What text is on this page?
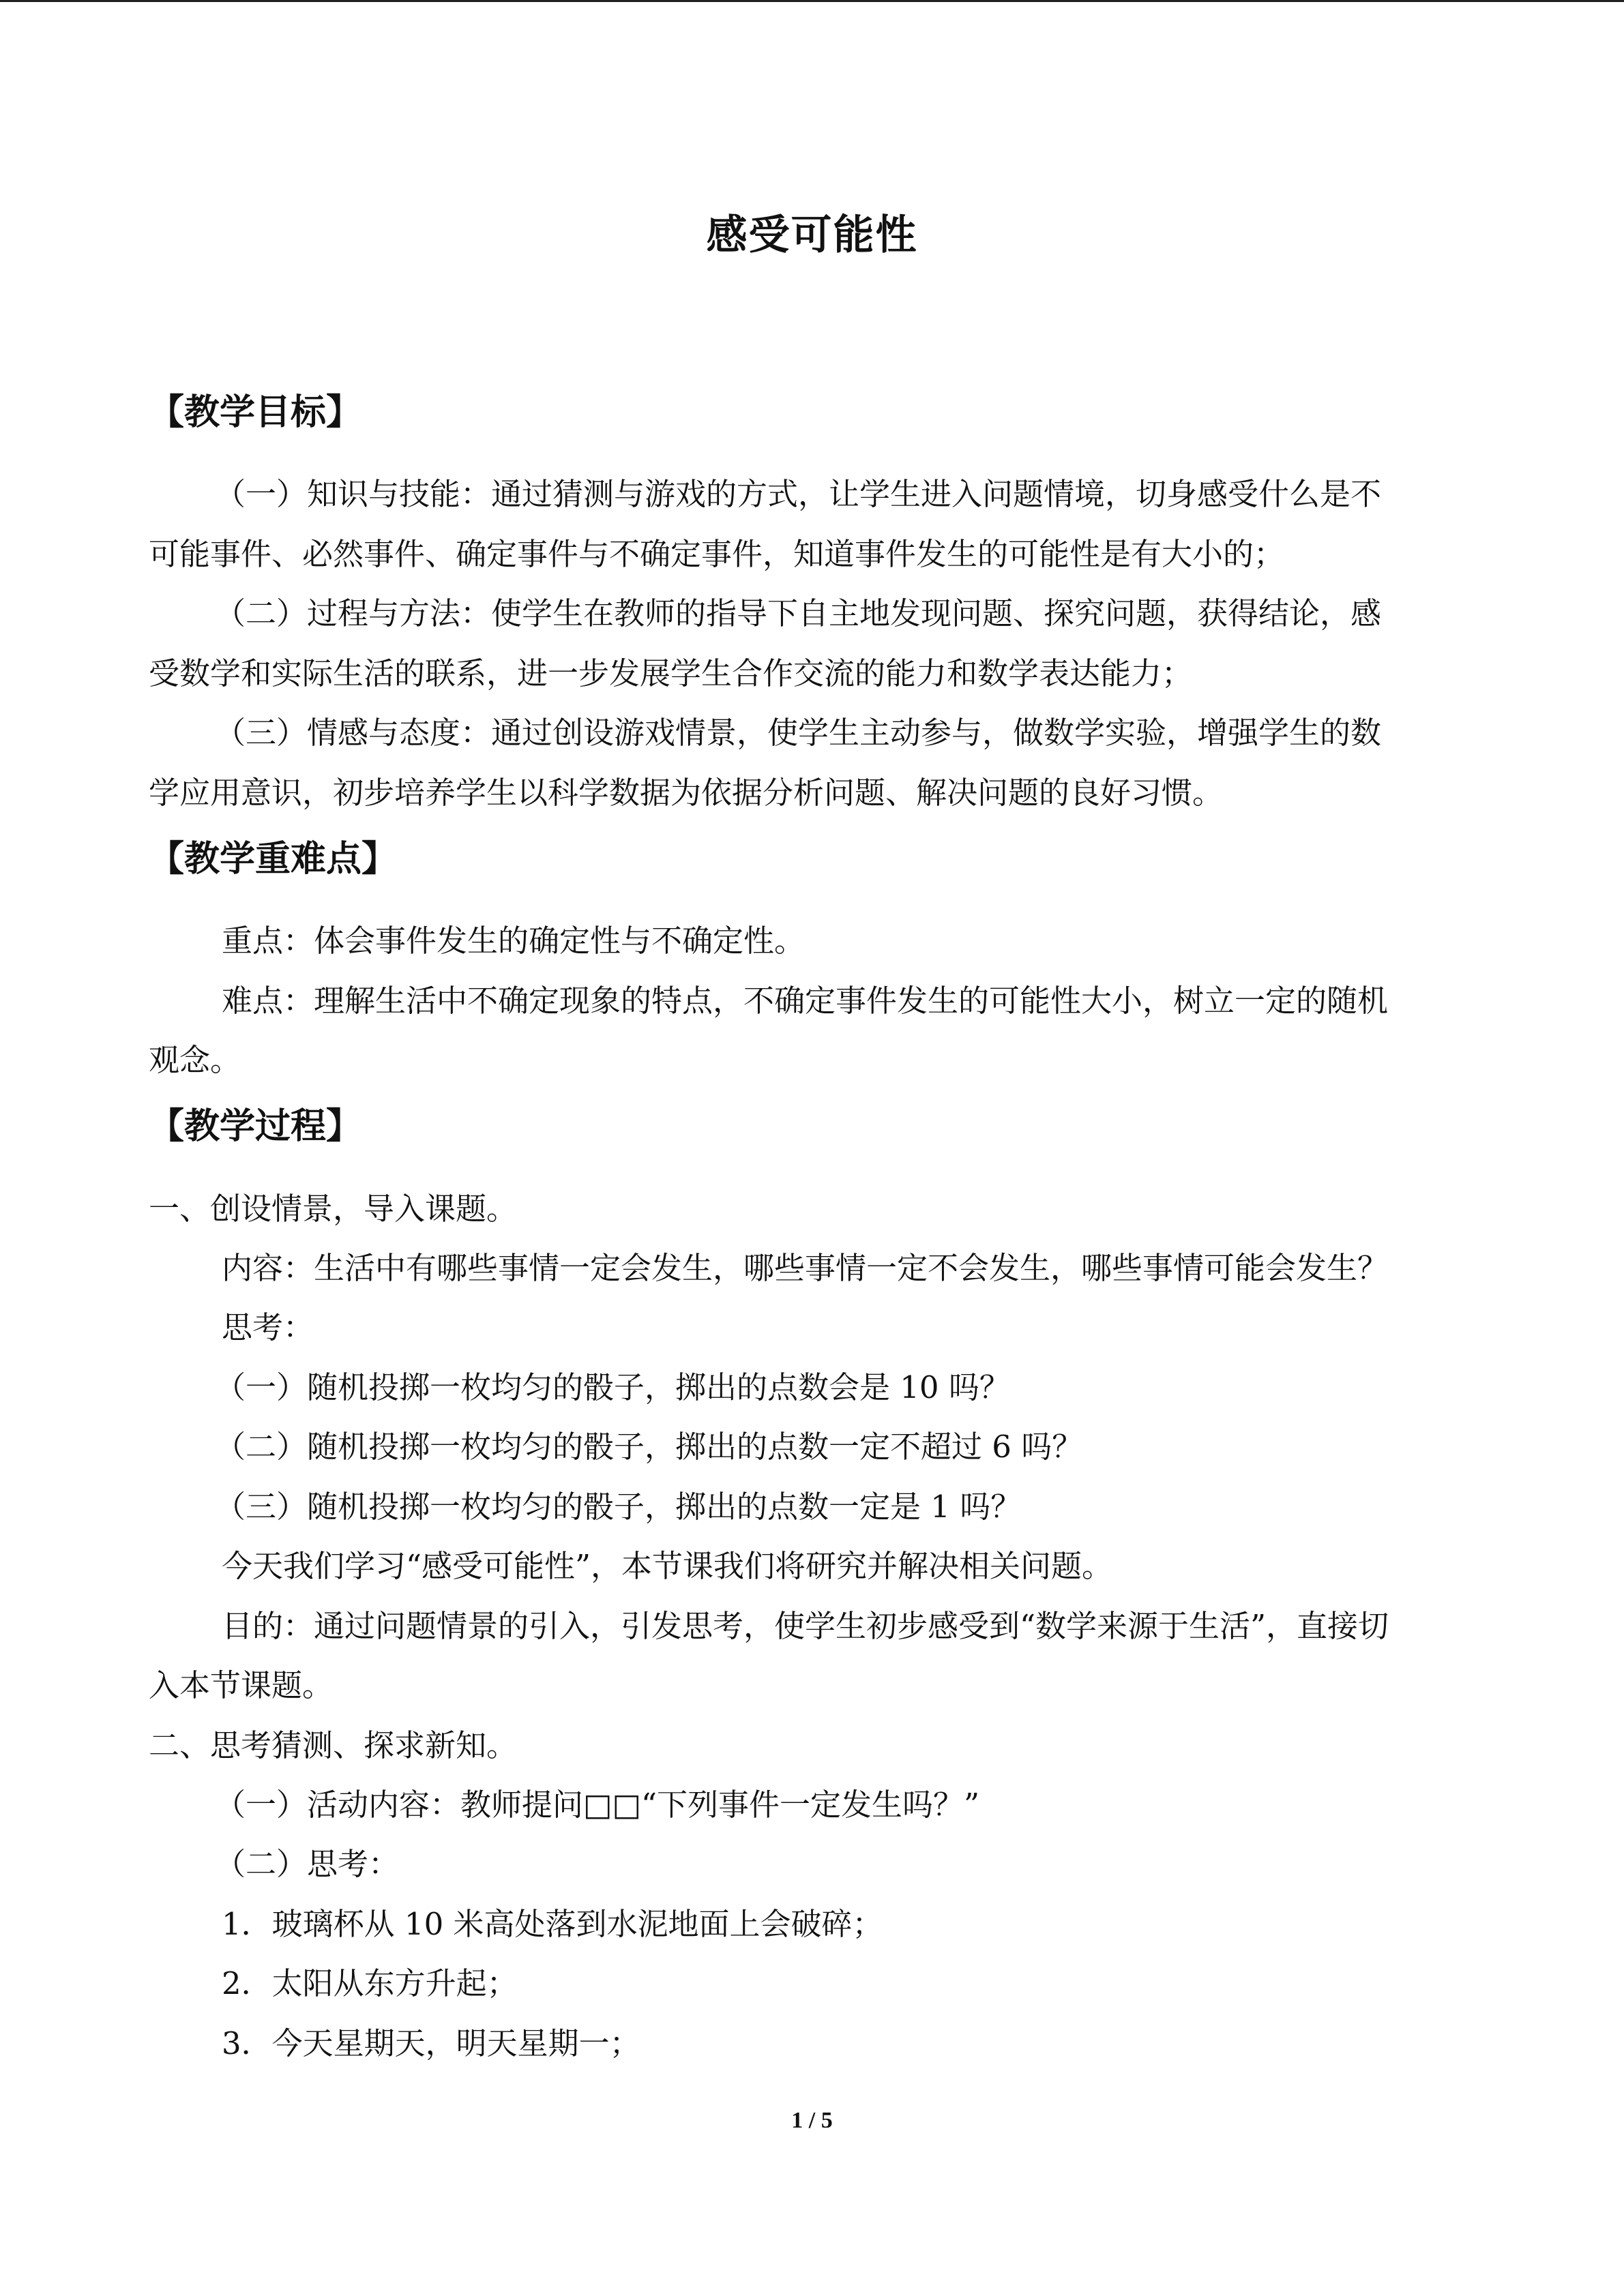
感受可能性
【教学目标】
（一）知识与技能：通过猜测与游戏的方式，让学生进入问题情境，切身感受什么是不
可能事件、必然事件、确定事件与不确定事件，知道事件发生的可能性是有大小的；
（二）过程与方法：使学生在教师的指导下自主地发现问题、探究问题，获得结论，感
受数学和实际生活的联系，进一步发展学生合作交流的能力和数学表达能力；
（三）情感与态度：通过创设游戏情景，使学生主动参与，做数学实验，增强学生的数
学应用意识，初步培养学生以科学数据为依据分析问题、解决问题的良好习惯。
【教学重难点】
重点：体会事件发生的确定性与不确定性。
难点：理解生活中不确定现象的特点，不确定事件发生的可能性大小，树立一定的随机
观念。
【教学过程】
一、创设情景，导入课题。
内容：生活中有哪些事情一定会发生，哪些事情一定不会发生，哪些事情可能会发生？
思考：
（一）随机投掷一枚均匀的骰子，掷出的点数会是 10 吗？
（二）随机投掷一枚均匀的骰子，掷出的点数一定不超过 6 吗？
（三）随机投掷一枚均匀的骰子，掷出的点数一定是 1 吗？
今天我们学习“感受可能性”，本节课我们将研究并解决相关问题。
目的：通过问题情景的引入，引发思考，使学生初步感受到“数学来源于生活”，直接切
入本节课题。
二、思考猜测、探求新知。
（一）活动内容：教师提问□□“下列事件一定发生吗？”
（二）思考：
1．玻璃杯从 10 米高处落到水泥地面上会破碎；
2．太阳从东方升起；
3．今天星期天，明天星期一；
1 / 5
